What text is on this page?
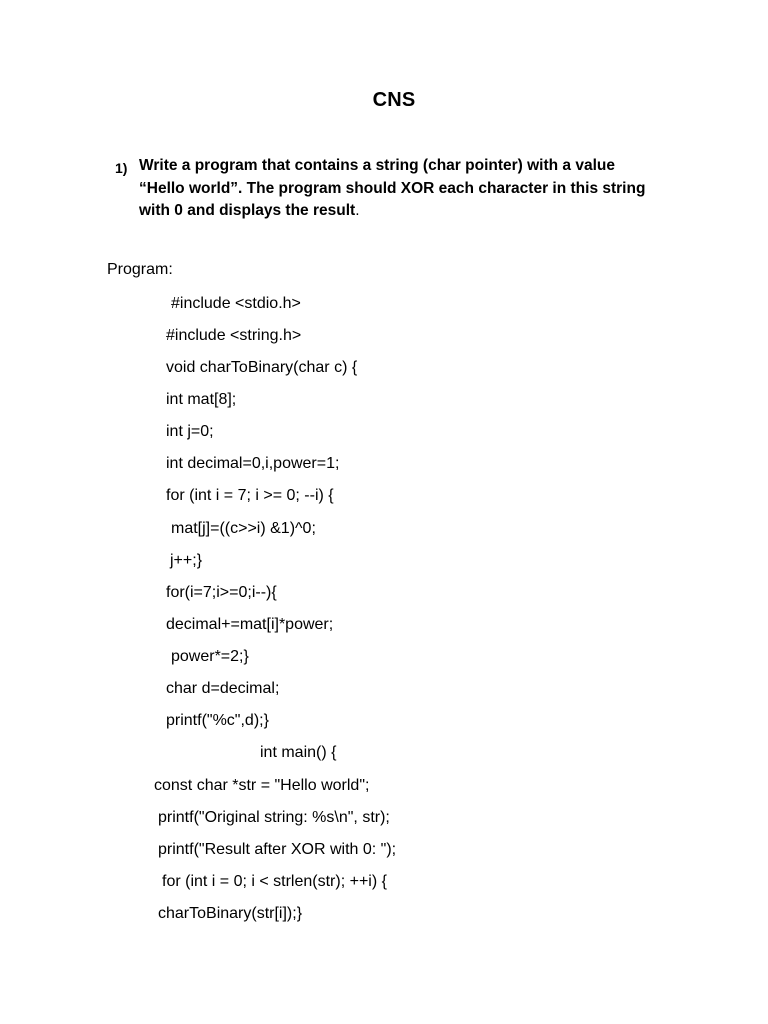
CNS
1) Write a program that contains a string (char pointer) with a value
“Hello world”. The program should XOR each character in this string
with 0 and displays the result.
Program:
#include <stdio.h>
#include <string.h>
void charToBinary(char c) {
int mat[8];
int j=0;
int decimal=0,i,power=1;
for (int i = 7; i >= 0; --i) {
mat[j]=((c>>i) &1)^0;
j++;}
for(i=7;i>=0;i--){
decimal+=mat[i]*power;
power*=2;}
char d=decimal;
printf("%c",d);}
int main() {
const char *str = "Hello world";
printf("Original string: %s\n", str);
printf("Result after XOR with 0: ");
for (int i = 0; i < strlen(str); ++i) {
charToBinary(str[i]);}
